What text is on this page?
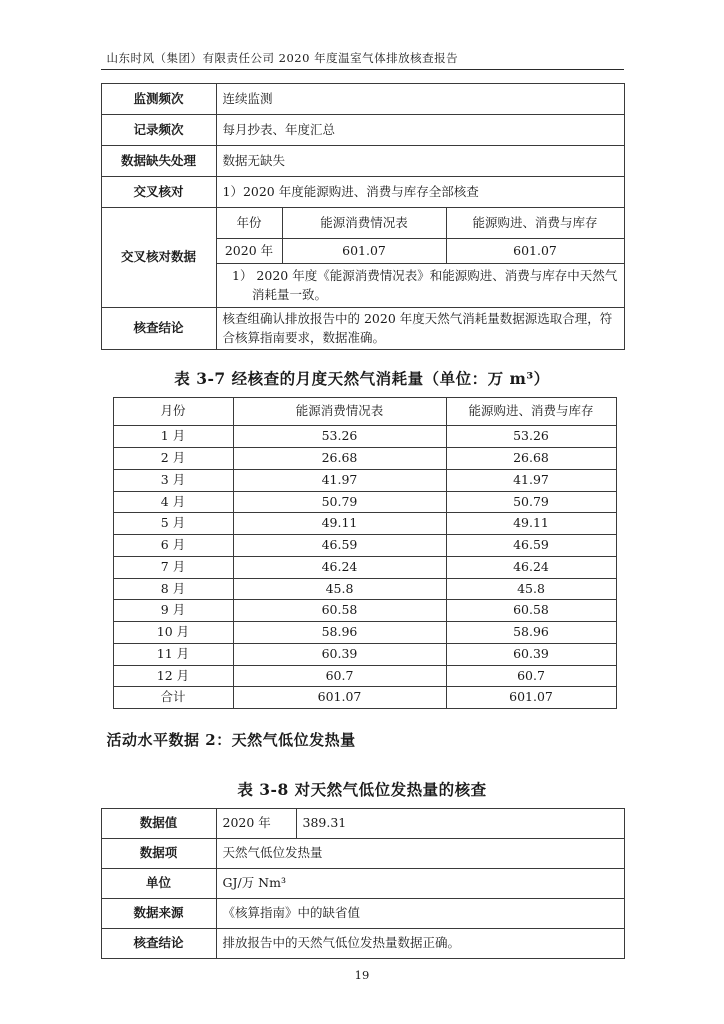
山东时风（集团）有限责任公司 2020 年度温室气体排放核查报告
监测频次	连续监测		
记录频次	每月抄表、年度汇总		
数据缺失处理	数据无缺失		
交叉核对	1）2020 年度能源购进、消费与库存全部核查		
交叉核对数据	年份	能源消费情况表	能源购进、消费与库存
	2020 年	601.07	601.07

	1） 2020 年度《能源消费情况表》和能源购进、消费与库存中天然气消耗量一致。		

核查结论	核查组确认排放报告中的 2020 年度天然气消耗量数据源选取合理，符合核算指南要求，数据准确。		
表 3-7 经核查的月度天然气消耗量（单位：万 m³）
月份	能源消费情况表	能源购进、消费与库存
1 月	53.26	53.26
2 月	26.68	26.68
3 月	41.97	41.97
4 月	50.79	50.79
5 月	49.11	49.11
6 月	46.59	46.59
7 月	46.24	46.24
8 月	45.8	45.8
9 月	60.58	60.58
10 月	58.96	58.96
11 月	60.39	60.39
12 月	60.7	60.7
合计	601.07	601.07
活动水平数据 2：天然气低位发热量
表 3-8 对天然气低位发热量的核查
数据值	2020 年	389.31
数据项	天然气低位发热量	
单位	GJ/万 Nm³	
数据来源	《核算指南》中的缺省值	
核查结论	排放报告中的天然气低位发热量数据正确。	
19
